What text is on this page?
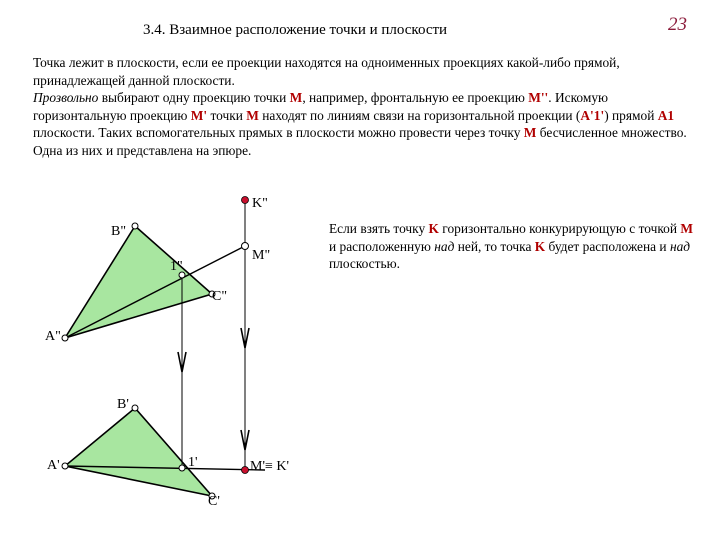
3.4. Взаимное расположение точки и плоскости	23

Точка лежит в плоскости, если ее проекции находятся на одноименных проекциях какой-либо прямой, принадлежащей данной плоскости.
Прозвольно выбирают одну проекцию точки M, например, фронтальную ее проекцию M''. Искомую горизонтальную проекцию M' точки M находят по линиям связи на горизонтальной проекции (A'1') прямой A1 плоскости. Таких вспомогательных прямых в плоскости можно провести через точку M бесчисленное множество. Одна из них и представлена на эпюре.

Если взять точку K горизонтально конкурирующую с точкой M и расположенную над ней, то точка K будет расположена и над плоскостью.

K"
B"
1"
M"
C"
A"
B'
A'	1'	M'≡ K'
C'
